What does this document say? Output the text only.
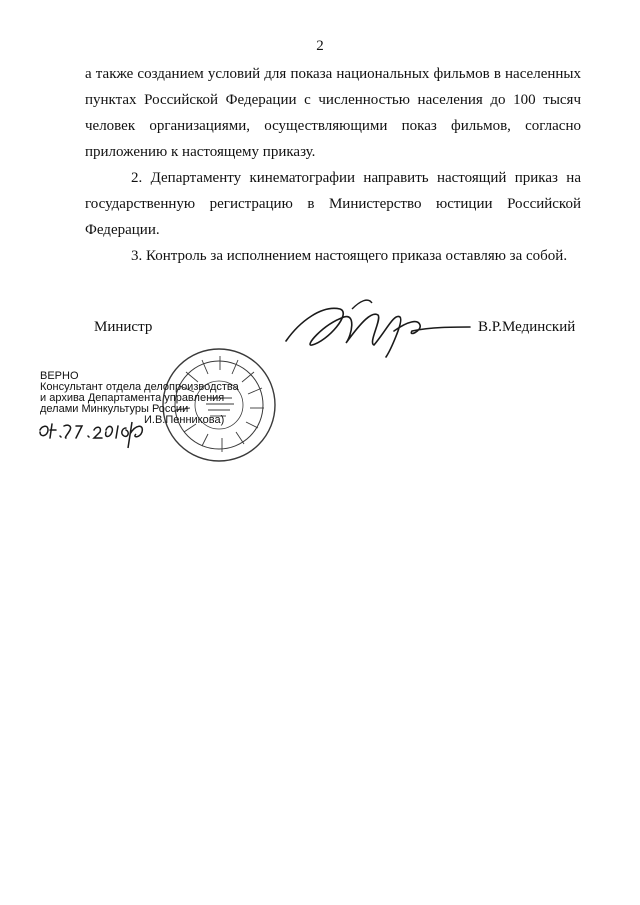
2
а также созданием условий для показа национальных фильмов в населенных
пунктах Российской Федерации с численностью населения до 100 тысяч
человек организациями, осуществляющими показ фильмов, согласно
приложению к настоящему приказу.
2. Департаменту кинематографии направить настоящий приказ на
государственную регистрацию в Министерство юстиции Российской
Федерации.
3. Контроль за исполнением настоящего приказа оставляю за собой.
Министр	В.Р.Мединский
ВЕРНО
Консультант отдела делопроизводства
и архива Департамента управления
делами Минкультуры России
И.В.Пенникова)
